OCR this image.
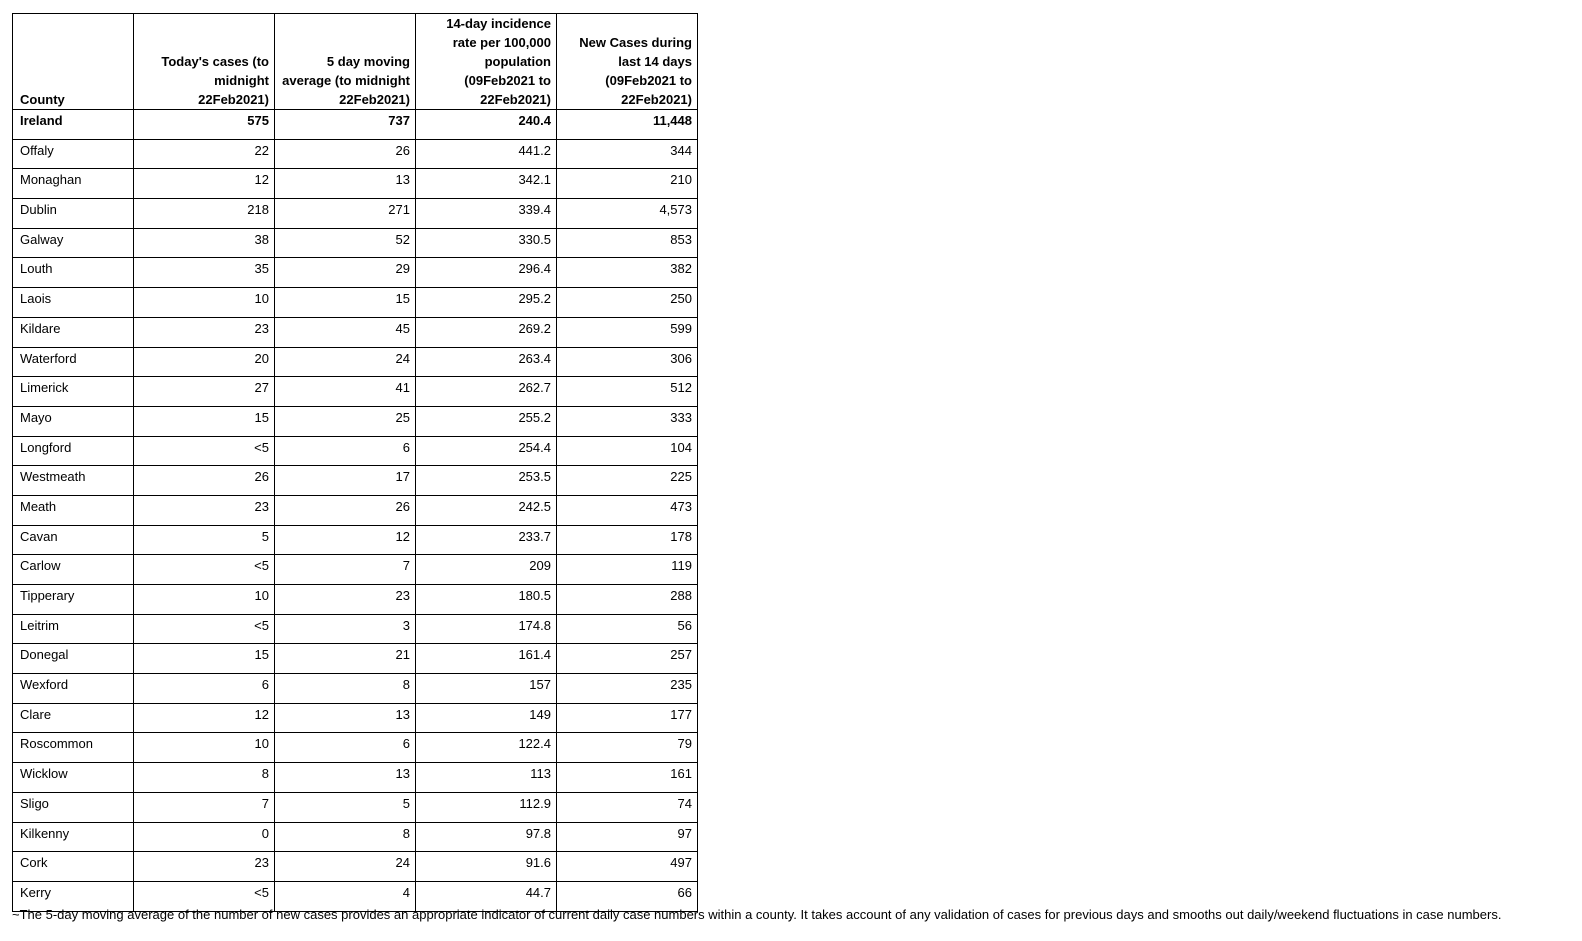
County	Today's cases (to midnight 22Feb2021)	5 day moving average (to midnight 22Feb2021)	14-day incidence rate per 100,000 population (09Feb2021 to 22Feb2021)	New Cases during last 14 days (09Feb2021 to 22Feb2021)
Ireland	575	737	240.4	11,448
Offaly	22	26	441.2	344
Monaghan	12	13	342.1	210
Dublin	218	271	339.4	4,573
Galway	38	52	330.5	853
Louth	35	29	296.4	382
Laois	10	15	295.2	250
Kildare	23	45	269.2	599
Waterford	20	24	263.4	306
Limerick	27	41	262.7	512
Mayo	15	25	255.2	333
Longford	<5	6	254.4	104
Westmeath	26	17	253.5	225
Meath	23	26	242.5	473
Cavan	5	12	233.7	178
Carlow	<5	7	209	119
Tipperary	10	23	180.5	288
Leitrim	<5	3	174.8	56
Donegal	15	21	161.4	257
Wexford	6	8	157	235
Clare	12	13	149	177
Roscommon	10	6	122.4	79
Wicklow	8	13	113	161
Sligo	7	5	112.9	74
Kilkenny	0	8	97.8	97
Cork	23	24	91.6	497
Kerry	<5	4	44.7	66
~The 5-day moving average of the number of new cases provides an appropriate indicator of current daily case numbers within a county. It takes account of any validation of cases for previous days and smooths out daily/weekend fluctuations in case numbers.
